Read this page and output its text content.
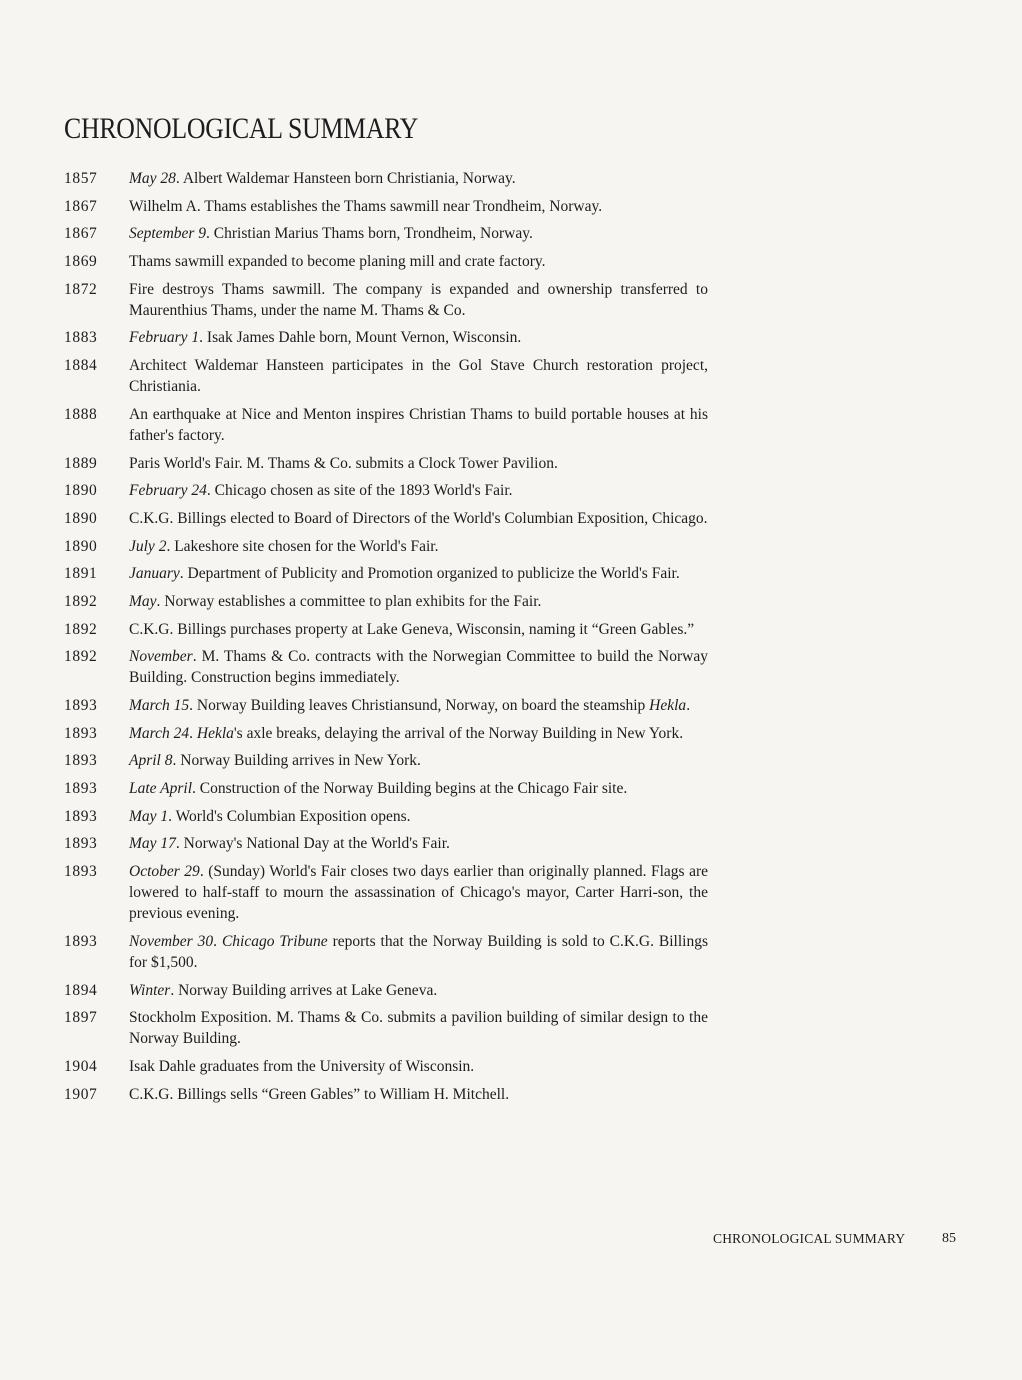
CHRONOLOGICAL SUMMARY
1857	May 28. Albert Waldemar Hansteen born Christiania, Norway.
1867	Wilhelm A. Thams establishes the Thams sawmill near Trondheim, Norway.
1867	September 9. Christian Marius Thams born, Trondheim, Norway.
1869	Thams sawmill expanded to become planing mill and crate factory.
1872	Fire destroys Thams sawmill. The company is expanded and ownership transferred to Maurenthius Thams, under the name M. Thams & Co.
1883	February 1. Isak James Dahle born, Mount Vernon, Wisconsin.
1884	Architect Waldemar Hansteen participates in the Gol Stave Church restoration project, Christiania.
1888	An earthquake at Nice and Menton inspires Christian Thams to build portable houses at his father's factory.
1889	Paris World's Fair. M. Thams & Co. submits a Clock Tower Pavilion.
1890	February 24. Chicago chosen as site of the 1893 World's Fair.
1890	C.K.G. Billings elected to Board of Directors of the World's Columbian Exposition, Chicago.
1890	July 2. Lakeshore site chosen for the World's Fair.
1891	January. Department of Publicity and Promotion organized to publicize the World's Fair.
1892	May. Norway establishes a committee to plan exhibits for the Fair.
1892	C.K.G. Billings purchases property at Lake Geneva, Wisconsin, naming it “Green Gables.”
1892	November. M. Thams & Co. contracts with the Norwegian Committee to build the Norway Building. Construction begins immediately.
1893	March 15. Norway Building leaves Christiansund, Norway, on board the steamship Hekla.
1893	March 24. Hekla's axle breaks, delaying the arrival of the Norway Building in New York.
1893	April 8. Norway Building arrives in New York.
1893	Late April. Construction of the Norway Building begins at the Chicago Fair site.
1893	May 1. World's Columbian Exposition opens.
1893	May 17. Norway's National Day at the World's Fair.
1893	October 29. (Sunday) World's Fair closes two days earlier than originally planned. Flags are lowered to half-staff to mourn the assassination of Chicago's mayor, Carter Harri-son, the previous evening.
1893	November 30. Chicago Tribune reports that the Norway Building is sold to C.K.G. Billings for $1,500.
1894	Winter. Norway Building arrives at Lake Geneva.
1897	Stockholm Exposition. M. Thams & Co. submits a pavilion building of similar design to the Norway Building.
1904	Isak Dahle graduates from the University of Wisconsin.
1907	C.K.G. Billings sells “Green Gables” to William H. Mitchell.
CHRONOLOGICAL SUMMARY	85
